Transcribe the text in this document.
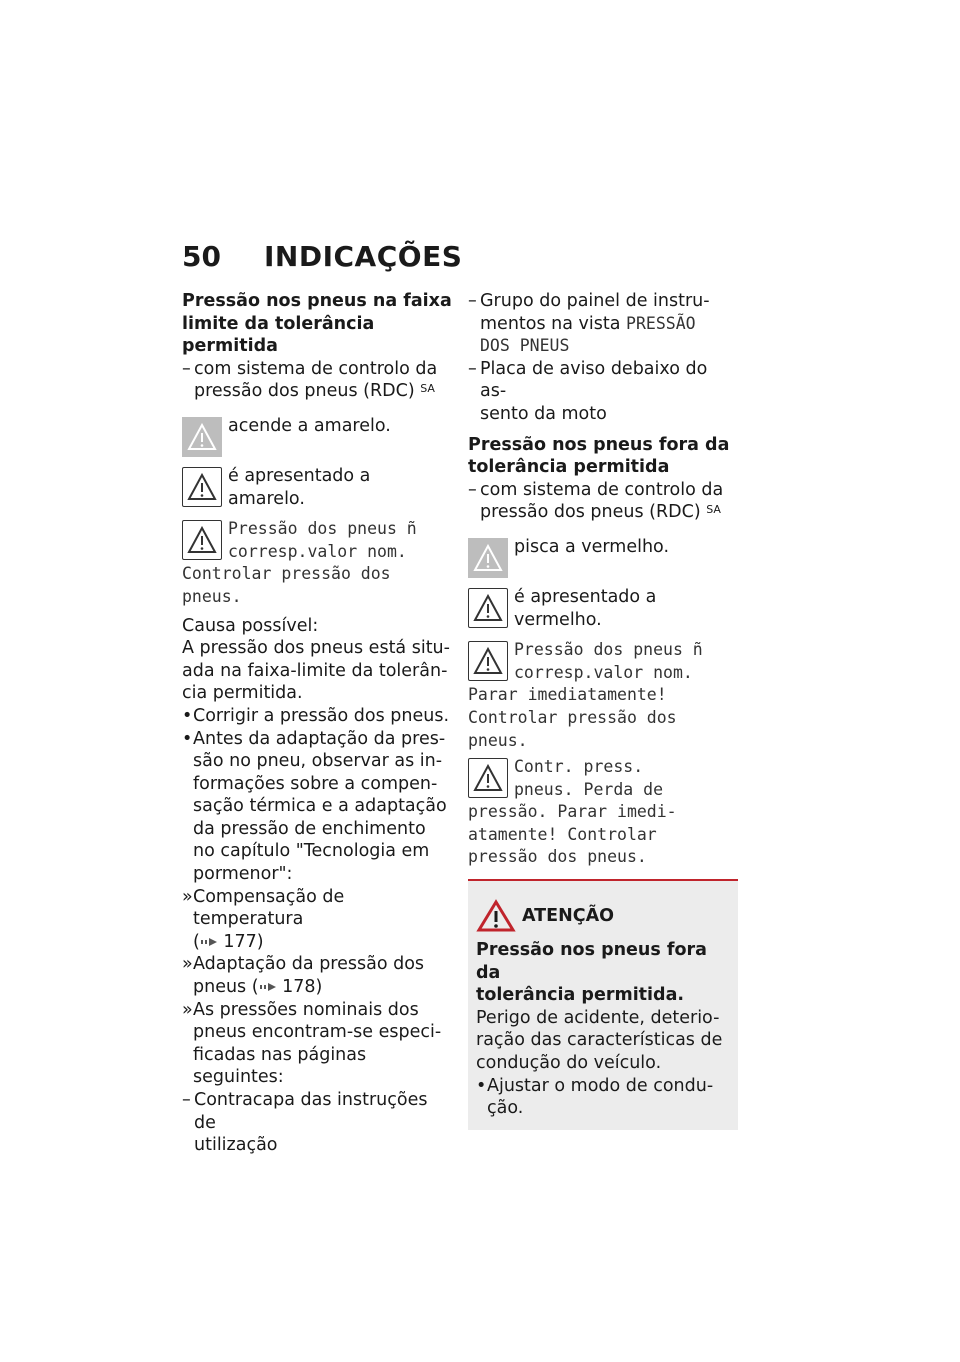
50	INDICAÇÕES
Pressão nos pneus na faixa
limite da tolerância permitida
– com sistema de controlo da
pressão dos pneus (RDC) $^{SA}$
acende a amarelo.
é apresentado a amarelo.
Pressão dos pneus ñ
corresp.valor nom.
Controlar pressão dos
pneus.
Causa possível:
A pressão dos pneus está situ-
ada na faixa-limite da tolerân-
cia permitida.
• Corrigir a pressão dos pneus.
• Antes da adaptação da pres-
são no pneu, observar as in-
formações sobre a compen-
sação térmica e a adaptação
da pressão de enchimento
no capítulo "Tecnologia em
pormenor":
» Compensação de temperatura
( 177)
» Adaptação da pressão dos
pneus ( 178)
» As pressões nominais dos
pneus encontram-se especi-
ficadas nas páginas seguintes:
– Contracapa das instruções de
utilização
– Grupo do painel de instru-
mentos na vista PRESSÃO
DOS PNEUS
– Placa de aviso debaixo do as-
sento da moto
Pressão nos pneus fora da
tolerância permitida
– com sistema de controlo da
pressão dos pneus (RDC) $^{SA}$
pisca a vermelho.
é apresentado a vermelho.
Pressão dos pneus ñ
corresp.valor nom.
Parar imediatamente!
Controlar pressão dos
pneus.
Contr. press.
pneus. Perda de
pressão. Parar imedi-
atamente! Controlar
pressão dos pneus.
ATENÇÃO
Pressão nos pneus fora da
tolerância permitida.
Perigo de acidente, deterio-
ração das características de
condução do veículo.
• Ajustar o modo de condu-
ção.
